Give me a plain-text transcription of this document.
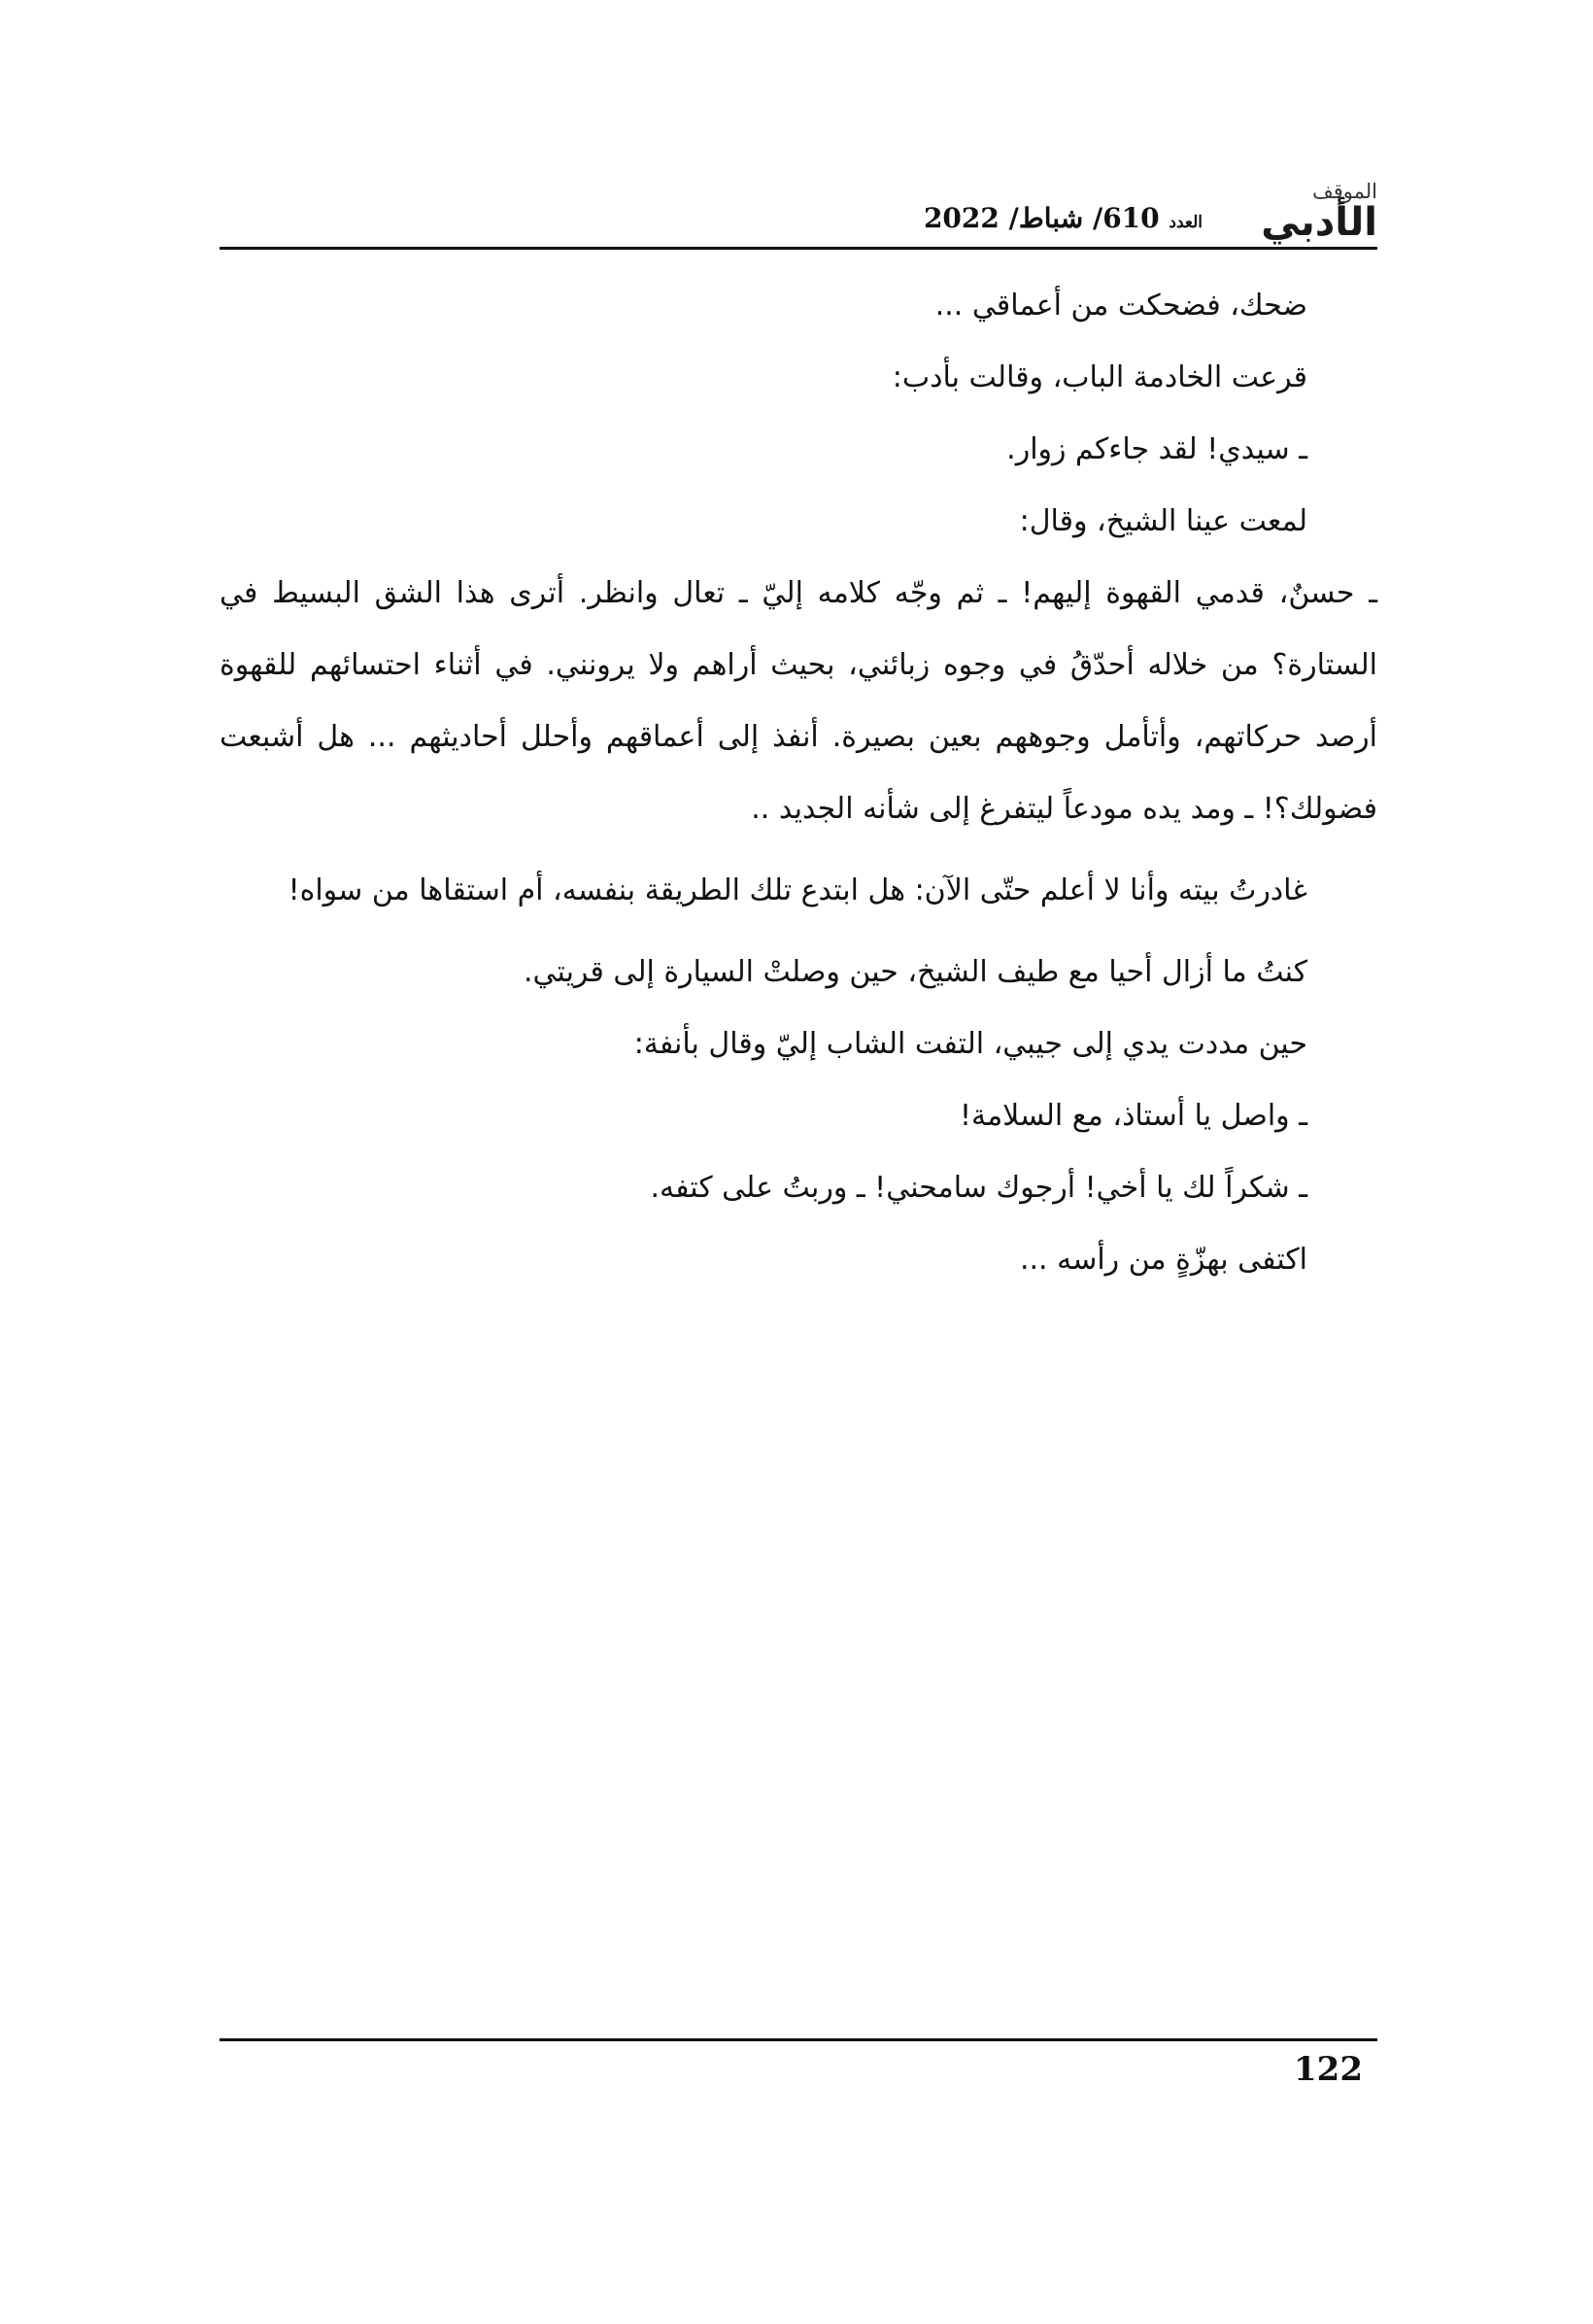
الموقف
الأدبي
العدد 610/ شباط/ 2022

ضحك، فضحكت من أعماقي ...

قرعت الخادمة الباب، وقالت بأدب:

ـ سيدي! لقد جاءكم زوار.

لمعت عينا الشيخ، وقال:

ـ حسنٌ، قدمي القهوة إليهم! ـ ثم وجّه كلامه إليّ ـ تعال وانظر. أترى هذا الشق البسيط في الستارة؟ من خلاله أحدّقُ في وجوه زبائني، بحيث أراهم ولا يرونني. في أثناء احتسائهم للقهوة أرصد حركاتهم، وأتأمل وجوههم بعين بصيرة. أنفذ إلى أعماقهم وأحلل أحاديثهم ... هل أشبعت فضولك؟! ـ ومد يده مودعاً ليتفرغ إلى شأنه الجديد ..

غادرتُ بيته وأنا لا أعلم حتّى الآن: هل ابتدع تلك الطريقة بنفسه، أم استقاها من سواه!

كنتُ ما أزال أحيا مع طيف الشيخ، حين وصلتْ السيارة إلى قريتي.

حين مددت يدي إلى جيبي، التفت الشاب إليّ وقال بأنفة:

ـ واصل يا أستاذ، مع السلامة!

ـ شكراً لك يا أخي! أرجوك سامحني! ـ وربتُ على كتفه.

اكتفى بهزّةٍ من رأسه ...

122
